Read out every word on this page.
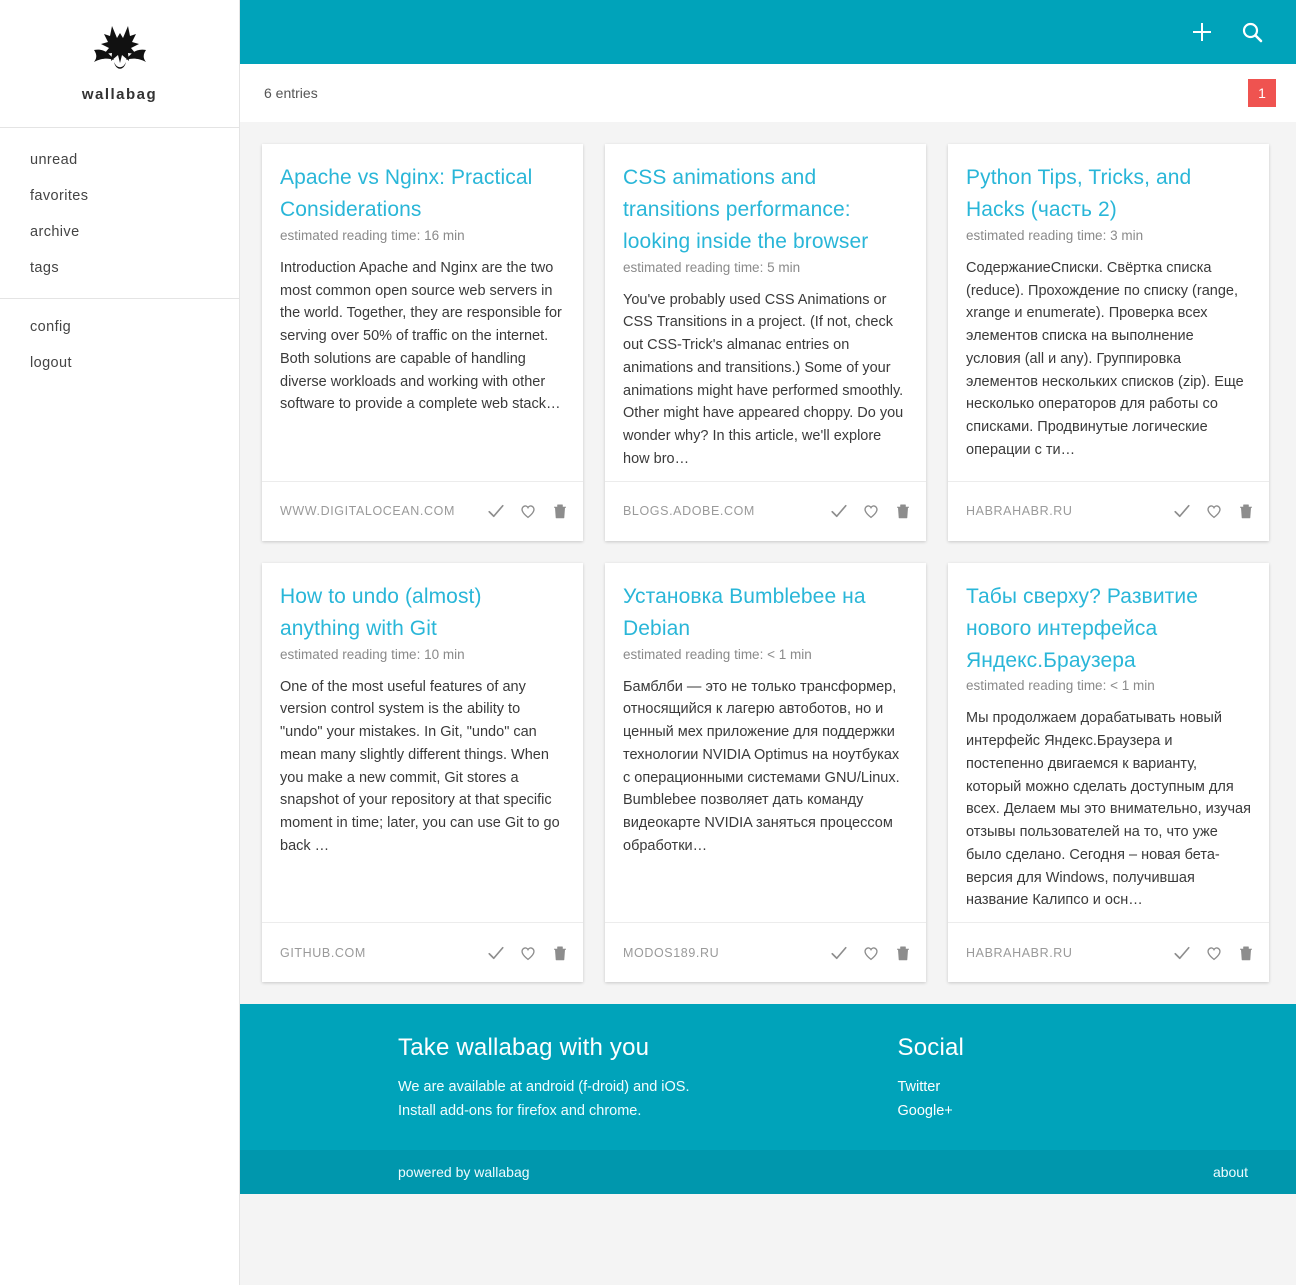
wallabag
unread
favorites
archive
tags
config
logout
6 entries	1
Apache vs Nginx: Practical Considerations
estimated reading time: 16 min
Introduction Apache and Nginx are the two most common open source web servers in the world. Together, they are responsible for serving over 50% of traffic on the internet. Both solutions are capable of handling diverse workloads and working with other software to provide a complete web stack…
WWW.DIGITALOCEAN.COM
CSS animations and transitions performance: looking inside the browser
estimated reading time: 5 min
You've probably used CSS Animations or CSS Transitions in a project. (If not, check out CSS-Trick's almanac entries on animations and transitions.) Some of your animations might have performed smoothly. Other might have appeared choppy. Do you wonder why? In this article, we'll explore how bro…
BLOGS.ADOBE.COM
Python Tips, Tricks, and Hacks (часть 2)
estimated reading time: 3 min
СодержаниеСписки. Свёртка списка (reduce). Прохождение по списку (range, xrange и enumerate). Проверка всех элементов списка на выполнение условия (all и any). Группировка элементов нескольких списков (zip). Еще несколько операторов для работы со списками. Продвинутые логические операции с ти…
HABRAHABR.RU
How to undo (almost) anything with Git
estimated reading time: 10 min
One of the most useful features of any version control system is the ability to "undo" your mistakes. In Git, "undo" can mean many slightly different things. When you make a new commit, Git stores a snapshot of your repository at that specific moment in time; later, you can use Git to go back …
GITHUB.COM
Установка Bumblebee на Debian
estimated reading time: < 1 min
Бамблби — это не только трансформер, относящийся к лагерю автоботов, но и ценный мех приложение для поддержки технологии NVIDIA Optimus на ноутбуках с операционными системами GNU/Linux. Bumblebee позволяет дать команду видеокарте NVIDIA заняться процессом обработки…
MODOS189.RU
Табы сверху? Развитие нового интерфейса Яндекс.Браузера
estimated reading time: < 1 min
Мы продолжаем дорабатывать новый интерфейс Яндекс.Браузера и постепенно двигаемся к варианту, который можно сделать доступным для всех. Делаем мы это внимательно, изучая отзывы пользователей на то, что уже было сделано. Сегодня – новая бета-версия для Windows, получившая название Калипсо и осн…
HABRAHABR.RU
Take wallabag with you
We are available at android (f-droid) and iOS.
Install add-ons for firefox and chrome.
Social
Twitter
Google+
powered by wallabag	about
